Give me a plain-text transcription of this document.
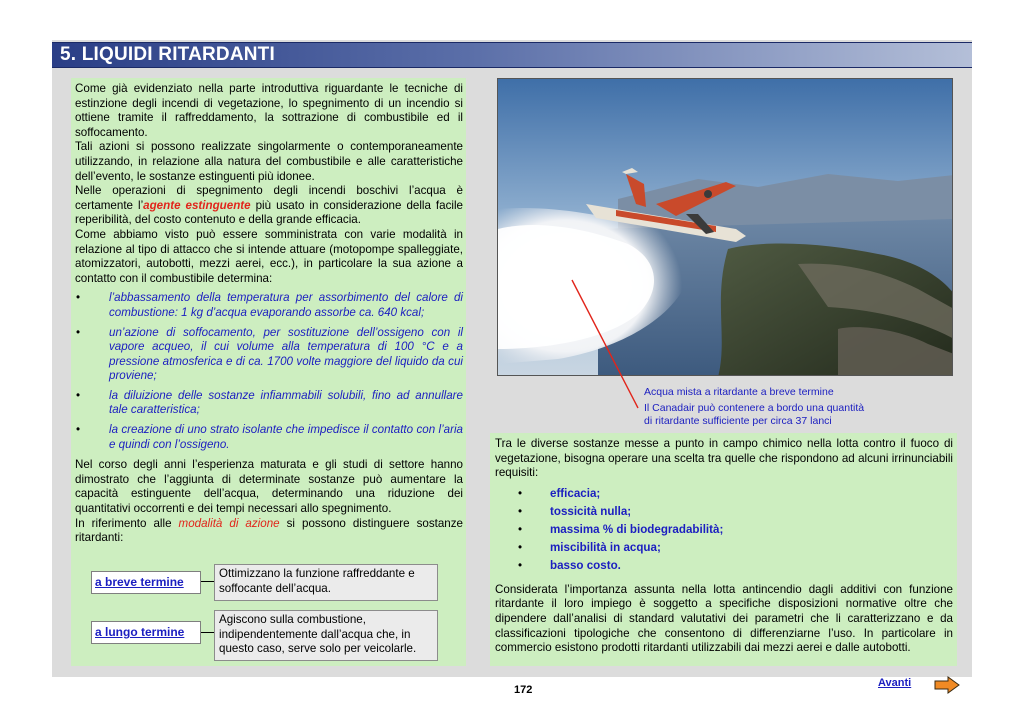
5. LIQUIDI RITARDANTI

Come già evidenziato nella parte introduttiva riguardante le tecniche di estinzione degli incendi di vegetazione, lo spegnimento di un incendio si ottiene tramite il raffreddamento, la sottrazione di combustibile ed il soffocamento.

Tali azioni si possono realizzate singolarmente o contemporaneamente utilizzando, in relazione alla natura del combustibile e alle caratteristiche dell’evento, le sostanze estinguenti più idonee.

Nelle operazioni di spegnimento degli incendi boschivi l’acqua è certamente l’agente estinguente più usato in considerazione della facile reperibilità, del costo contenuto e della grande efficacia.

Come abbiamo visto può essere somministrata con varie modalità in relazione al tipo di attacco che si intende attuare (motopompe spalleggiate, atomizzatori, autobotti, mezzi aerei, ecc.), in particolare la sua azione a contatto con il combustibile determina:

• l’abbassamento della temperatura per assorbimento del calore di combustione: 1 kg d’acqua evaporando assorbe ca. 640 kcal;
• un’azione di soffocamento, per sostituzione dell’ossigeno con il vapore acqueo, il cui volume alla temperatura di 100 °C e a pressione atmosferica e di ca. 1700 volte maggiore del liquido da cui proviene;
• la diluizione delle sostanze infiammabili solubili, fino ad annullare tale caratteristica;
• la creazione di uno strato isolante che impedisce il contatto con l’aria e quindi con l’ossigeno.

Nel corso degli anni l’esperienza maturata e gli studi di settore hanno dimostrato che l’aggiunta di determinate sostanze può aumentare la capacità estinguente dell’acqua, determinando una riduzione dei quantitativi occorrenti e dei tempi necessari allo spegnimento.

In riferimento alle modalità di azione si possono distinguere sostanze ritardanti:

a breve termine
Ottimizzano la funzione raffreddante e soffocante dell’acqua.
a lungo termine
Agiscono sulla combustione, indipendentemente dall’acqua che, in questo caso, serve solo per veicolarle.
Acqua mista a ritardante a breve termine
Il Canadair può contenere a bordo una quantità
di ritardante sufficiente per circa 37 lanci

Tra le diverse sostanze messe a punto in campo chimico nella lotta contro il fuoco di vegetazione, bisogna operare una scelta tra quelle che rispondono ad alcuni irrinunciabili requisiti:

• efficacia;
• tossicità nulla;
• massima % di biodegradabilità;
• miscibilità in acqua;
• basso costo.

Considerata l’importanza assunta nella lotta antincendio dagli additivi con funzione ritardante il loro impiego è soggetto a specifiche disposizioni normative oltre che dipendere dall’analisi di standard valutativi dei parametri che li caratterizzano e da classificazioni tipologiche che consentono di differenziarne l’uso. In particolare in commercio esistono prodotti ritardanti utilizzabili dai mezzi aerei e dalle autobotti.

172
Avanti
